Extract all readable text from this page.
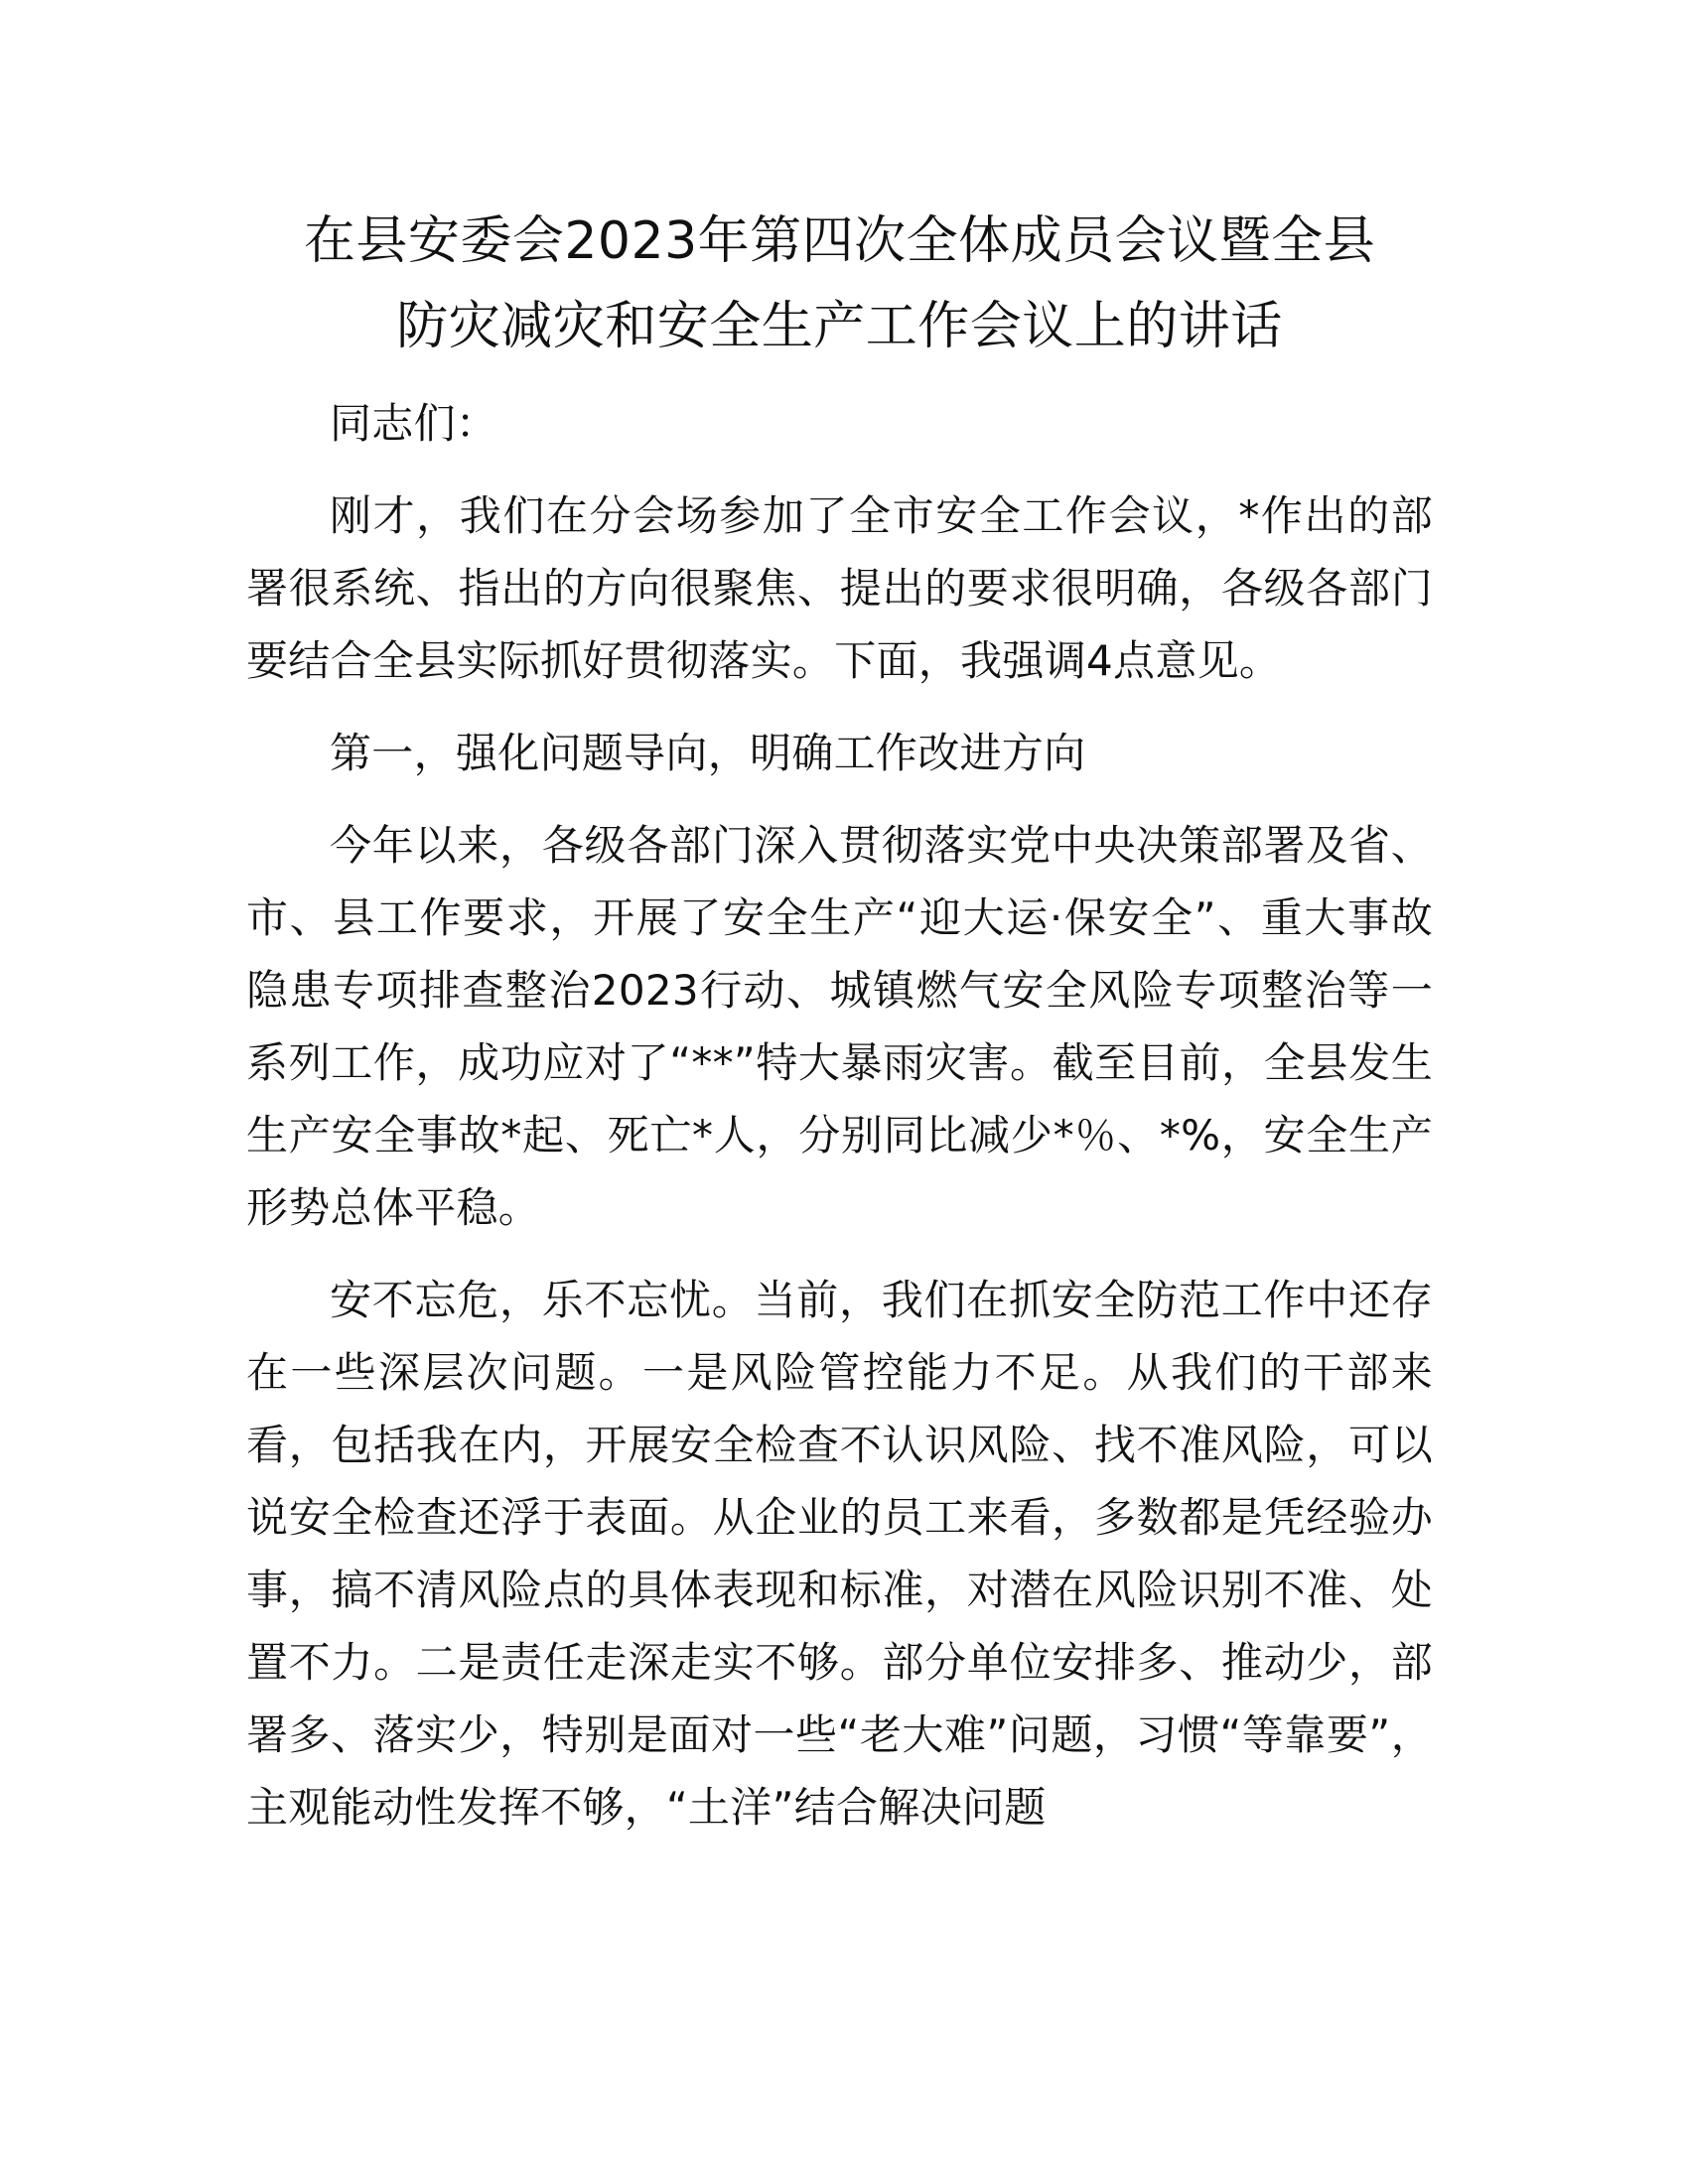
在县安委会2023年第四次全体成员会议暨全县
防灾减灾和安全生产工作会议上的讲话

同志们：

刚才，我们在分会场参加了全市安全工作会议，*作出的部署很系统、指出的方向很聚焦、提出的要求很明确，各级各部门要结合全县实际抓好贯彻落实。下面，我强调4点意见。

第一，强化问题导向，明确工作改进方向

今年以来，各级各部门深入贯彻落实党中央决策部署及省、市、县工作要求，开展了安全生产“迎大运·保安全”、重大事故隐患专项排查整治2023行动、城镇燃气安全风险专项整治等一系列工作，成功应对了“**”特大暴雨灾害。截至目前，全县发生生产安全事故*起、死亡*人，分别同比减少*％、*%，安全生产形势总体平稳。

安不忘危，乐不忘忧。当前，我们在抓安全防范工作中还存在一些深层次问题。一是风险管控能力不足。从我们的干部来看，包括我在内，开展安全检查不认识风险、找不准风险，可以说安全检查还浮于表面。从企业的员工来看，多数都是凭经验办事，搞不清风险点的具体表现和标准，对潜在风险识别不准、处置不力。二是责任走深走实不够。部分单位安排多、推动少，部署多、落实少，特别是面对一些“老大难”问题，习惯“等靠要”，主观能动性发挥不够，“土洋”结合解决问题
